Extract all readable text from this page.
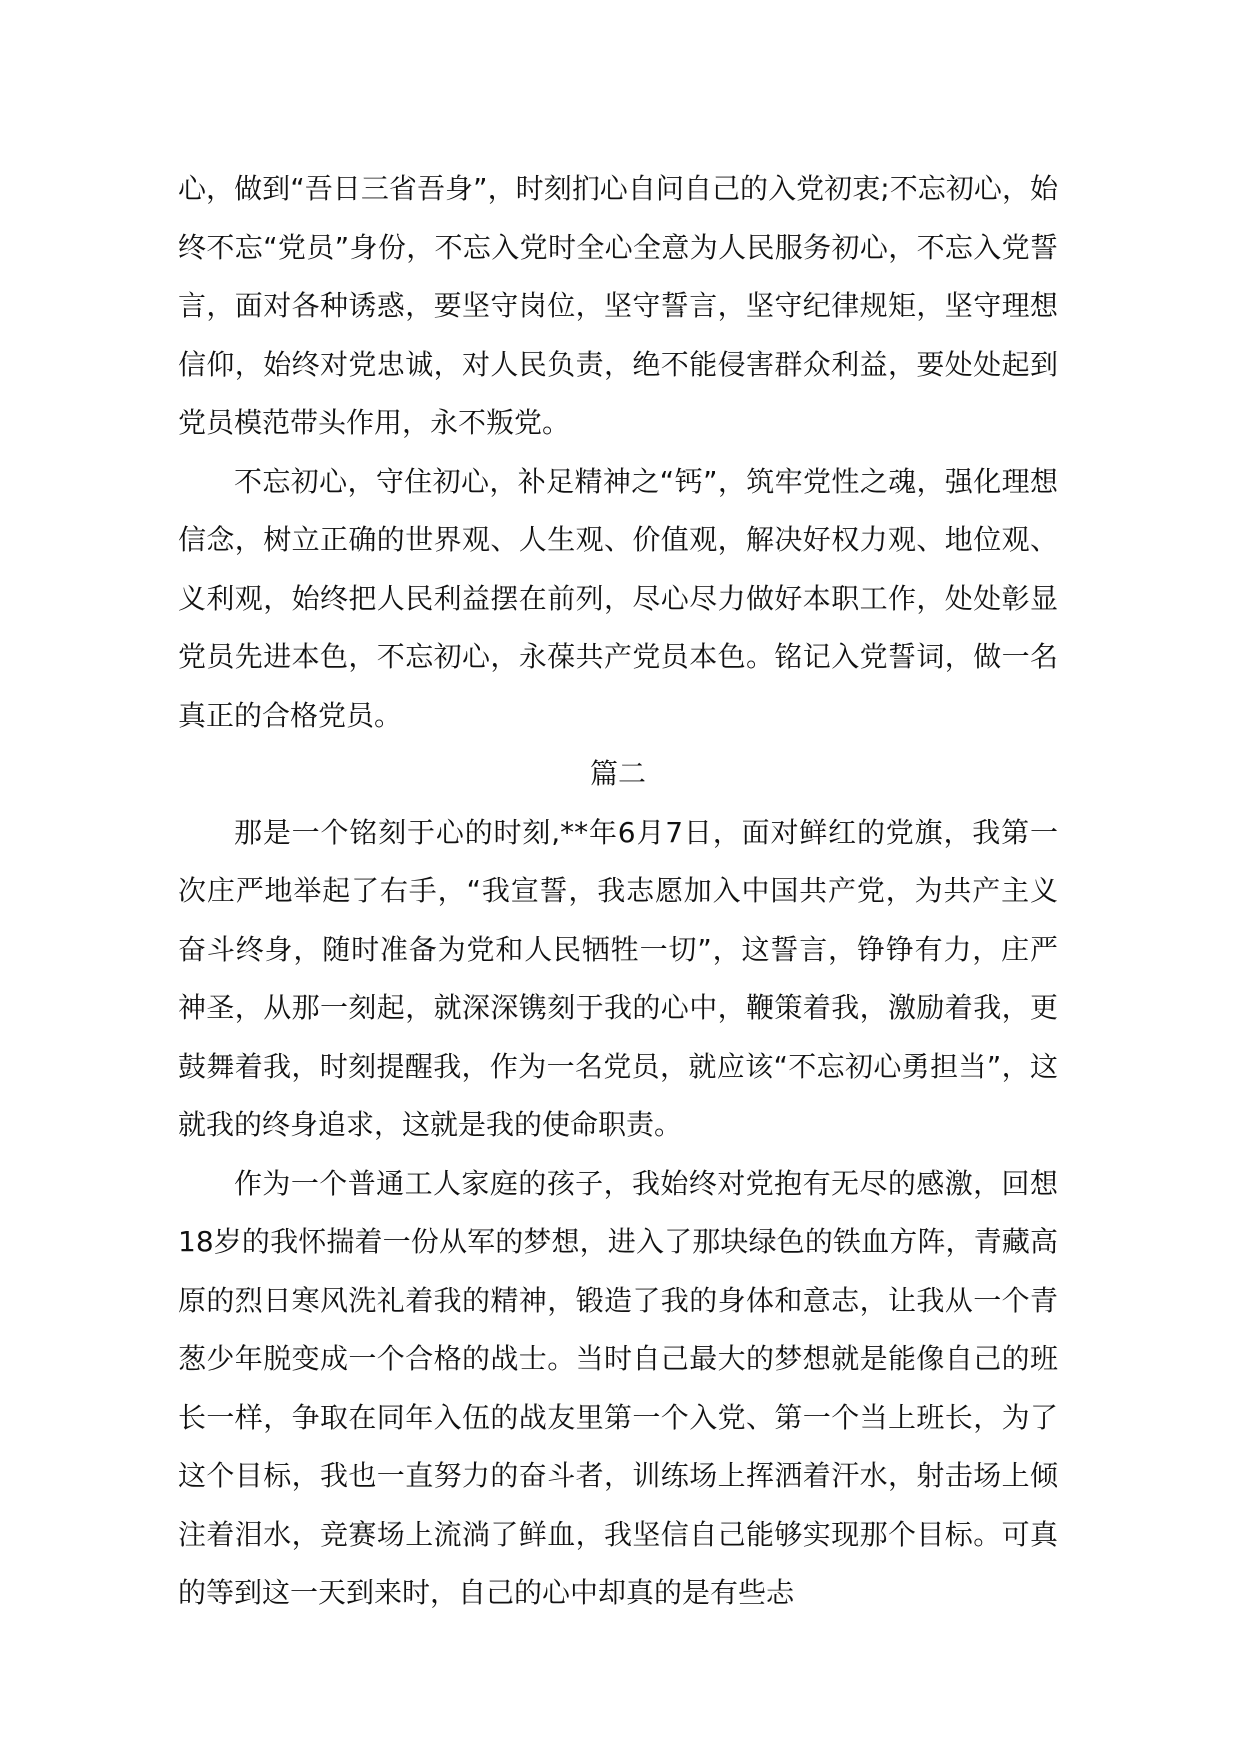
心，做到“吾日三省吾身”，时刻扪心自问自己的入党初衷;不忘初心，始终不忘“党员”身份，不忘入党时全心全意为人民服务初心，不忘入党誓言，面对各种诱惑，要坚守岗位，坚守誓言，坚守纪律规矩，坚守理想信仰，始终对党忠诚，对人民负责，绝不能侵害群众利益，要处处起到党员模范带头作用，永不叛党。

不忘初心，守住初心，补足精神之“钙”，筑牢党性之魂，强化理想信念，树立正确的世界观、人生观、价值观，解决好权力观、地位观、义利观，始终把人民利益摆在前列，尽心尽力做好本职工作，处处彰显党员先进本色，不忘初心，永葆共产党员本色。铭记入党誓词，做一名真正的合格党员。

篇二

那是一个铭刻于心的时刻,**年6月7日，面对鲜红的党旗，我第一次庄严地举起了右手，“我宣誓，我志愿加入中国共产党，为共产主义奋斗终身，随时准备为党和人民牺牲一切”，这誓言，铮铮有力，庄严神圣，从那一刻起，就深深镌刻于我的心中，鞭策着我，激励着我，更鼓舞着我，时刻提醒我，作为一名党员，就应该“不忘初心勇担当”，这就我的终身追求，这就是我的使命职责。

作为一个普通工人家庭的孩子，我始终对党抱有无尽的感激，回想18岁的我怀揣着一份从军的梦想，进入了那块绿色的铁血方阵，青藏高原的烈日寒风洗礼着我的精神，锻造了我的身体和意志，让我从一个青葱少年脱变成一个合格的战士。当时自己最大的梦想就是能像自己的班长一样，争取在同年入伍的战友里第一个入党、第一个当上班长，为了这个目标，我也一直努力的奋斗者，训练场上挥洒着汗水，射击场上倾注着泪水，竞赛场上流淌了鲜血，我坚信自己能够实现那个目标。可真的等到这一天到来时，自己的心中却真的是有些忐
